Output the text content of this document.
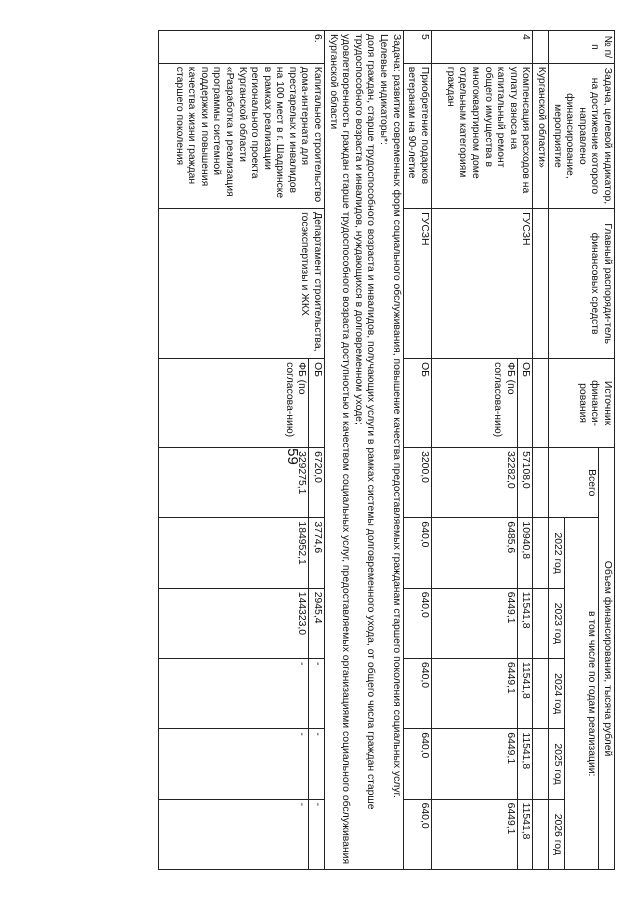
59
№ п/п	Задача, целевой индикатор, на достижение которого направлено финансирование, мероприятие	Главный распоряди-тель финансовых средств	Источник финанси-рования	Объем финансирования, тысяча рублей					
				Всего	в том числе по годам реализации:				
					2022 год	2023 год	2024 год	2025 год	2026 год
	Курганской области»								
4	Компенсация расходов на уплату взноса на капитальный ремонт общего имущества в многоквартирном доме отдельным категориям граждан	ГУСЗН	ОБ	57108,0	10940,8	11541,8	11541,8	11541,8	11541,8
			ФБ (по согласова-нию)	32282,0	6485,6	6449,1	6449,1	6449,1	6449,1
5	Приобретение подарков ветеранам на 90-летие	ГУСЗН	ОБ	3200,0	640,0	640,0	640,0	640,0	640,0
Задача: развитие современных форм социального обслуживания, повышение качества предоставляемых гражданам старшего поколения социальных услуг.
Целевые индикаторы*:
доля граждан, старше трудоспособного возраста и инвалидов, получающих услуги в рамках системы долговременного ухода, от общего числа граждан старше трудоспособного возраста и инвалидов, нуждающихся в долговременном уходе;
удовлетворенность граждан старше трудоспособного возраста доступностью и качеством социальных услуг, предоставляемых организациями социального обслуживания Курганской области									
6.	Капитальное строительство дома-интерната для престарелых и инвалидов на 100 мест в г. Шадринске в рамках реализации регионального проекта Курганской области «Разработка и реализация программы системной поддержки и повышения качества жизни граждан старшего поколения	Департамент строительства, госэкспертизы и ЖКХ	ОБ	6720,0	3774,6	2945,4	-	-	-
			ФБ (по согласова-нию)	329275,1	184952,1	144323,0	-	-	-
